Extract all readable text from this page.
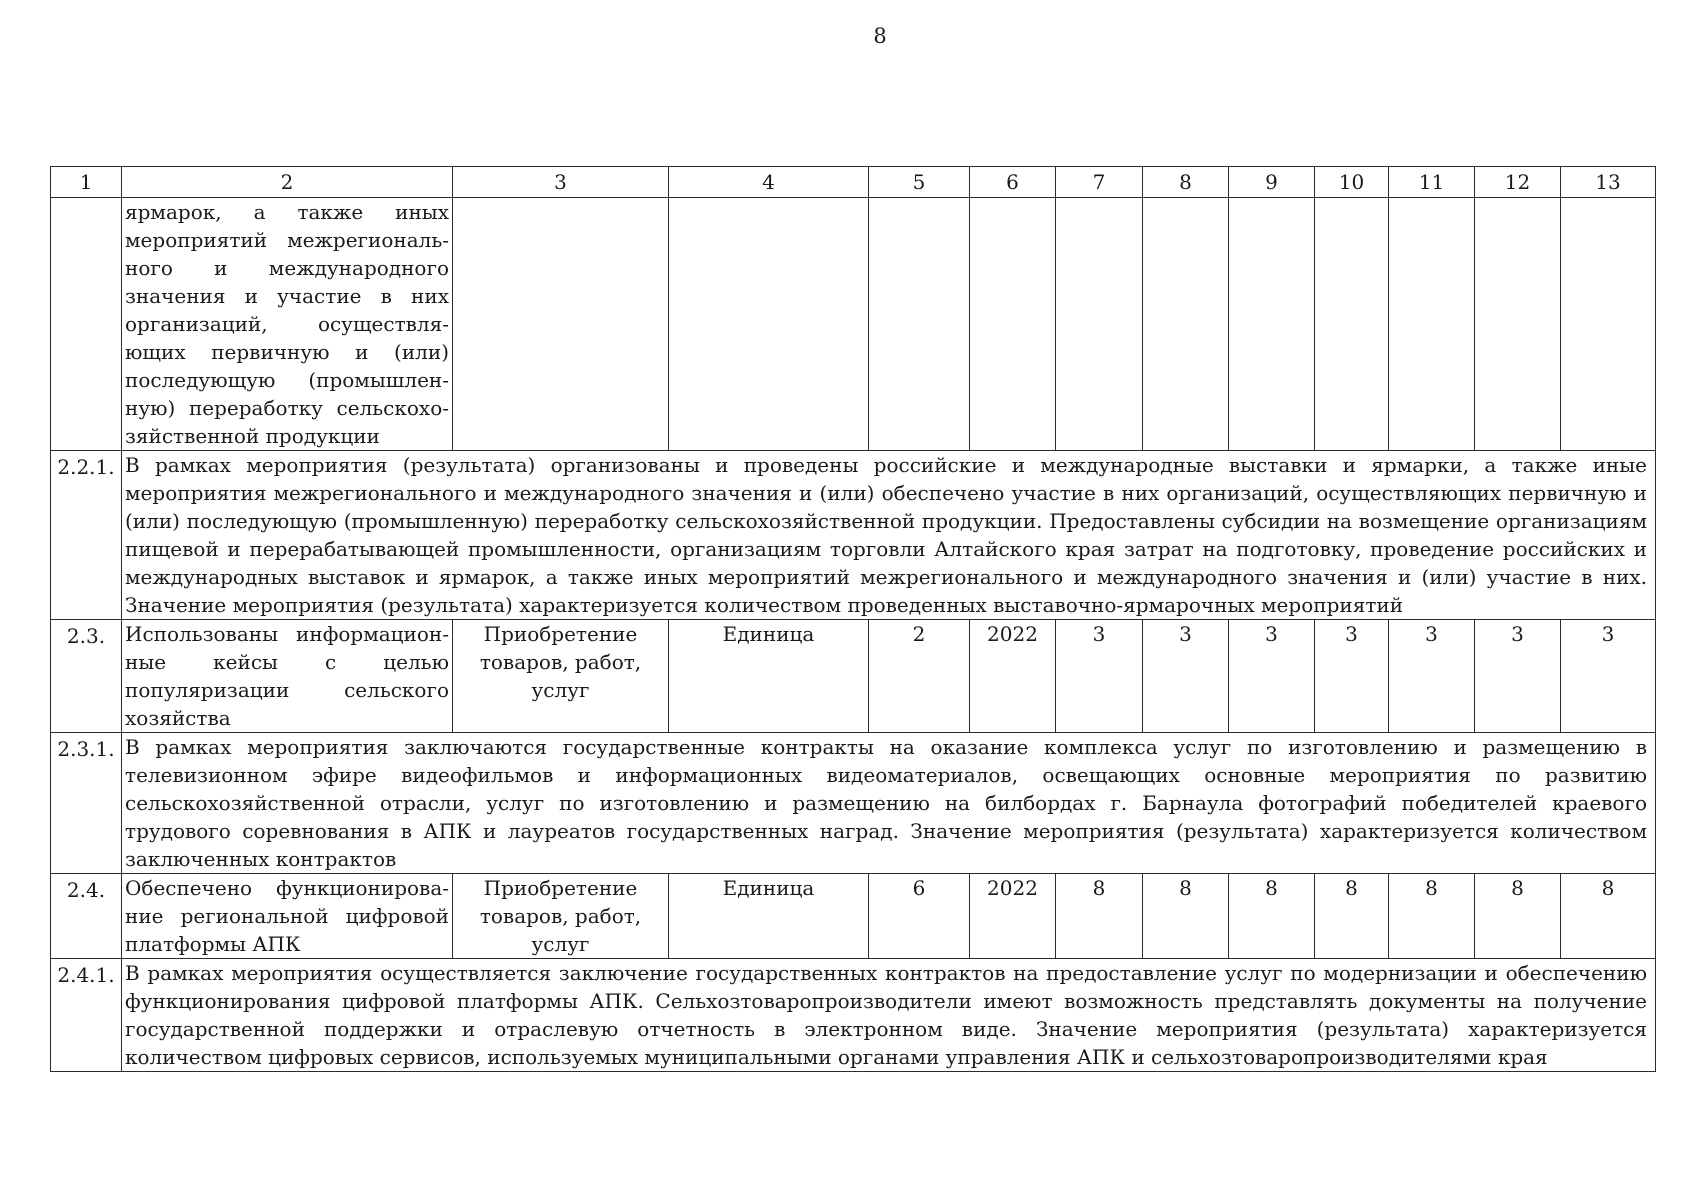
8
1	2	3	4	5	6	7	8	9	10	11	12	13
	ярмарок, а также иных мероприятий межрегиональ-ного и международного значения и участие в них организаций, осуществля-ющих первичную и (или) последующую (промышлен-ную) переработку сельскохо-зяйственной продукции											
2.2.1.	В рамках мероприятия (результата) организованы и проведены российские и международные выставки и ярмарки, а также иные мероприятия межрегионального и международного значения и (или) обеспечено участие в них организаций, осуществляющих первичную и (или) последующую (промышленную) переработку сельскохозяйственной продукции. Предоставлены субсидии на возмещение организациям пищевой и перерабатывающей промышленности, организациям торговли Алтайского края затрат на подготовку, проведение российских и международных выставок и ярмарок, а также иных мероприятий межрегионального и международного значения и (или) участие в них. Значение мероприятия (результата) характеризуется количеством проведенных выставочно-ярмарочных мероприятий											
2.3.	Использованы информацион-ные кейсы с целью популяризации сельского хозяйства	Приобретение товаров, работ, услуг	Единица	2	2022	3	3	3	3	3	3	3
2.3.1.	В рамках мероприятия заключаются государственные контракты на оказание комплекса услуг по изготовлению и размещению в телевизионном эфире видеофильмов и информационных видеоматериалов, освещающих основные мероприятия по развитию сельскохозяйственной отрасли, услуг по изготовлению и размещению на билбордах г. Барнаула фотографий победителей краевого трудового соревнования в АПК и лауреатов государственных наград. Значение мероприятия (результата) характеризуется количеством заключенных контрактов											
2.4.	Обеспечено функционирова-ние региональной цифровой платформы АПК	Приобретение товаров, работ, услуг	Единица	6	2022	8	8	8	8	8	8	8
2.4.1.	В рамках мероприятия осуществляется заключение государственных контрактов на предоставление услуг по модернизации и обеспечению функционирования цифровой платформы АПК. Сельхозтоваропроизводители имеют возможность представлять документы на получение государственной поддержки и отраслевую отчетность в электронном виде. Значение мероприятия (результата) характеризуется количеством цифровых сервисов, используемых муниципальными органами управления АПК и сельхозтоваропроизводителями края											
